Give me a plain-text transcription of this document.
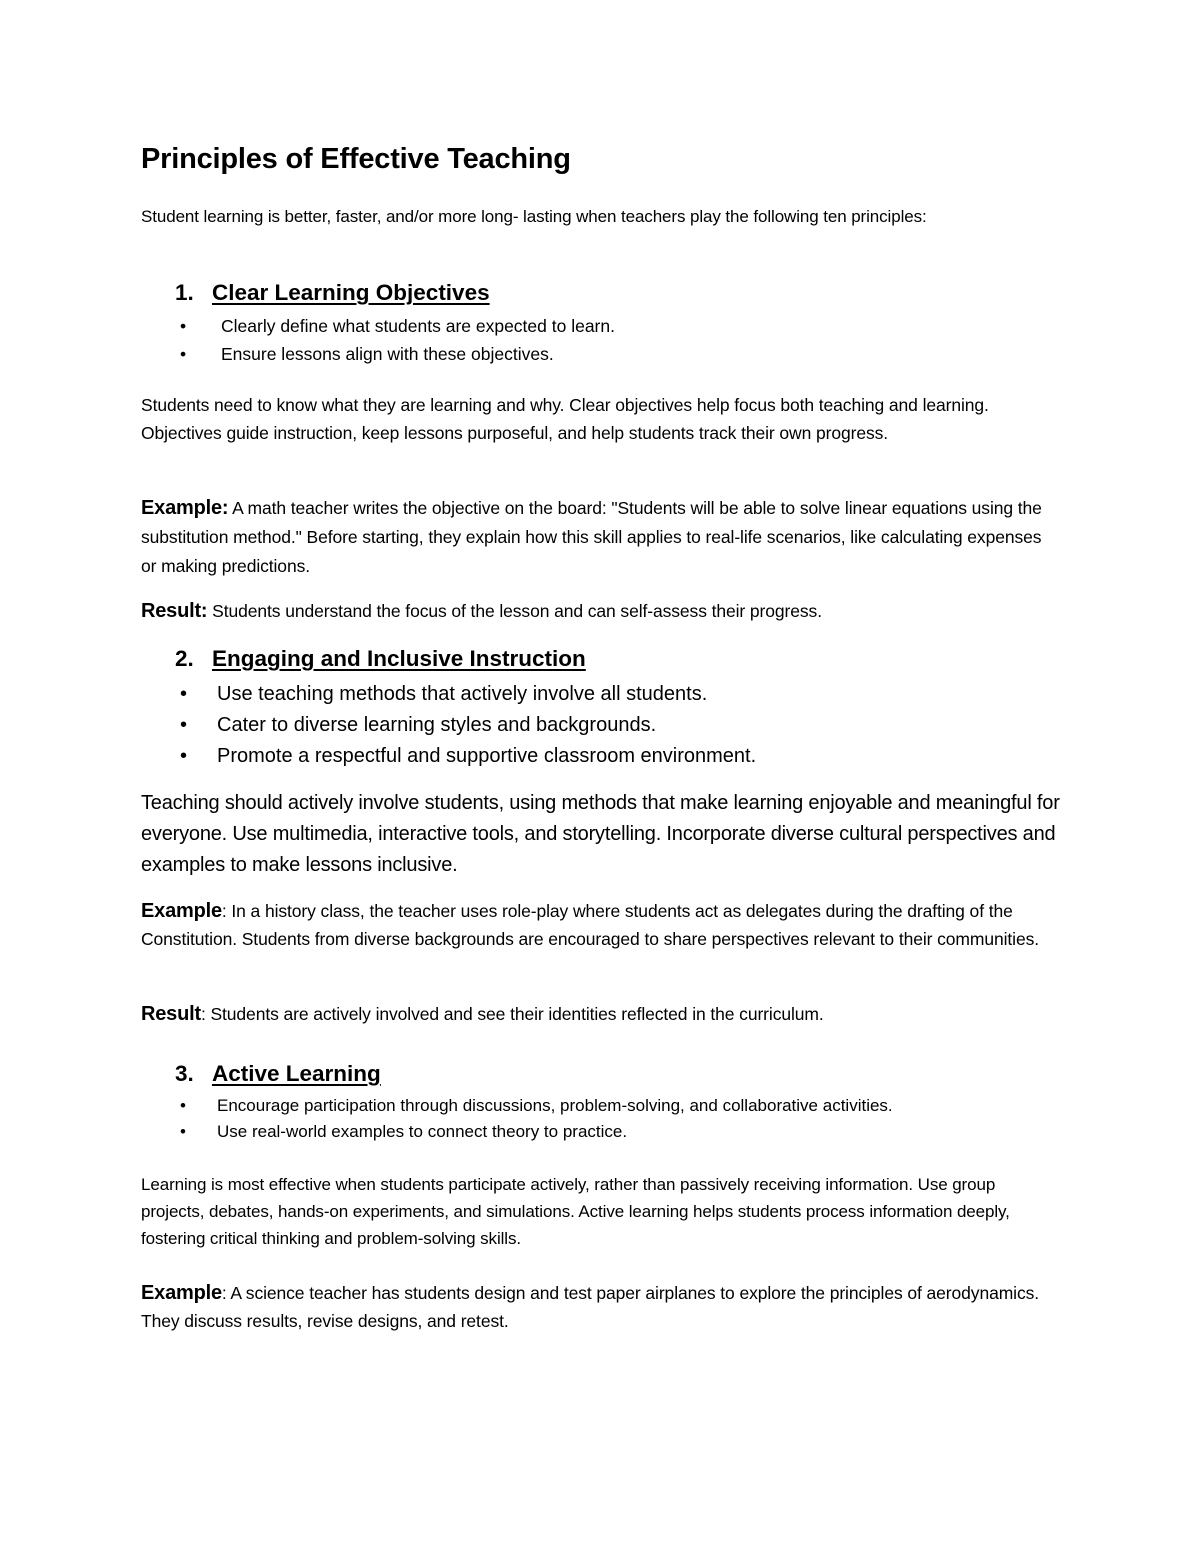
Principles of Effective Teaching
Student learning is better, faster, and/or more long- lasting when teachers play the following ten principles:
1. Clear Learning Objectives
• Clearly define what students are expected to learn.
• Ensure lessons align with these objectives.
Students need to know what they are learning and why. Clear objectives help focus both teaching and learning. Objectives guide instruction, keep lessons purposeful, and help students track their own progress.
Example: A math teacher writes the objective on the board: "Students will be able to solve linear equations using the substitution method." Before starting, they explain how this skill applies to real-life scenarios, like calculating expenses or making predictions.
Result: Students understand the focus of the lesson and can self-assess their progress.
2. Engaging and Inclusive Instruction
• Use teaching methods that actively involve all students.
• Cater to diverse learning styles and backgrounds.
• Promote a respectful and supportive classroom environment.
Teaching should actively involve students, using methods that make learning enjoyable and meaningful for everyone. Use multimedia, interactive tools, and storytelling. Incorporate diverse cultural perspectives and examples to make lessons inclusive.
Example: In a history class, the teacher uses role-play where students act as delegates during the drafting of the Constitution. Students from diverse backgrounds are encouraged to share perspectives relevant to their communities.
Result: Students are actively involved and see their identities reflected in the curriculum.
3. Active Learning
• Encourage participation through discussions, problem-solving, and collaborative activities.
• Use real-world examples to connect theory to practice.
Learning is most effective when students participate actively, rather than passively receiving information. Use group projects, debates, hands-on experiments, and simulations. Active learning helps students process information deeply, fostering critical thinking and problem-solving skills.
Example: A science teacher has students design and test paper airplanes to explore the principles of aerodynamics. They discuss results, revise designs, and retest.
